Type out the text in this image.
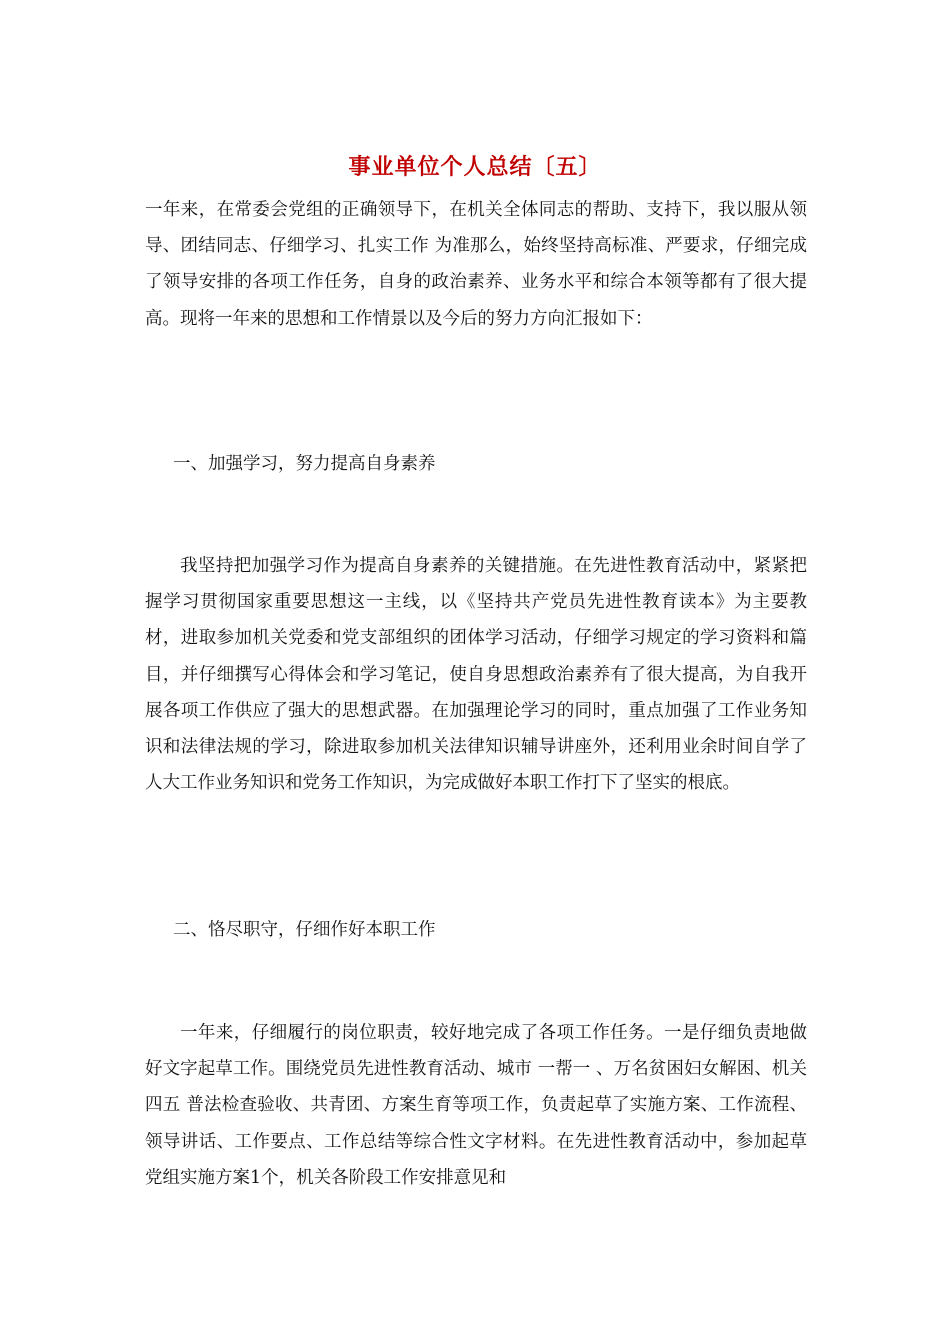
事业单位个人总结〔五〕

一年来，在常委会党组的正确领导下，在机关全体同志的帮助、支持下，我以服从领导、团结同志、仔细学习、扎实工作 为准那么，始终坚持高标准、严要求，仔细完成了领导安排的各项工作任务，自身的政治素养、业务水平和综合本领等都有了很大提高。现将一年来的思想和工作情景以及今后的努力方向汇报如下：

一、加强学习，努力提高自身素养

我坚持把加强学习作为提高自身素养的关键措施。在先进性教育活动中，紧紧把握学习贯彻国家重要思想这一主线，以《坚持共产党员先进性教育读本》为主要教材，进取参加机关党委和党支部组织的团体学习活动，仔细学习规定的学习资料和篇目，并仔细撰写心得体会和学习笔记，使自身思想政治素养有了很大提高，为自我开展各项工作供应了强大的思想武器。在加强理论学习的同时，重点加强了工作业务知识和法律法规的学习，除进取参加机关法律知识辅导讲座外，还利用业余时间自学了人大工作业务知识和党务工作知识，为完成做好本职工作打下了坚实的根底。

二、恪尽职守，仔细作好本职工作

一年来，仔细履行的岗位职责，较好地完成了各项工作任务。一是仔细负责地做好文字起草工作。围绕党员先进性教育活动、城市 一帮一 、万名贫困妇女解困、机关 四五 普法检查验收、共青团、方案生育等项工作，负责起草了实施方案、工作流程、领导讲话、工作要点、工作总结等综合性文字材料。在先进性教育活动中，参加起草党组实施方案1个，机关各阶段工作安排意见和
